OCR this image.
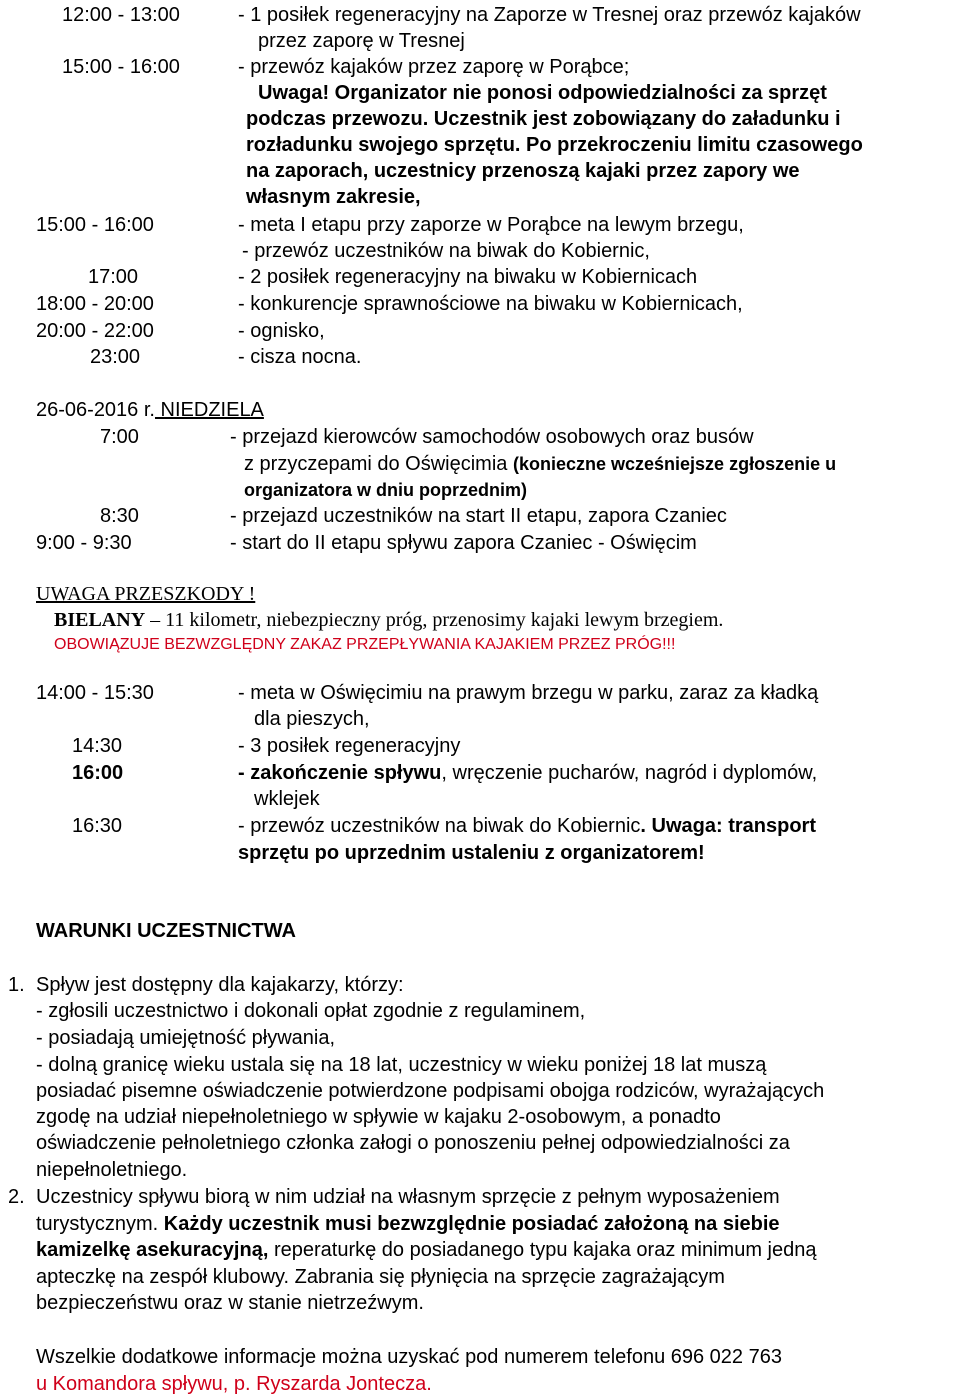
12:00 - 13:00	- 1 posiłek regeneracyjny na Zaporze w Tresnej oraz przewóz kajaków
przez zaporę w Tresnej
15:00 - 16:00	- przewóz kajaków przez zaporę w Porąbce;
Uwaga! Organizator nie ponosi odpowiedzialności za sprzęt
podczas przewozu. Uczestnik jest zobowiązany do załadunku i
rozładunku swojego sprzętu. Po przekroczeniu limitu czasowego
na zaporach, uczestnicy przenoszą kajaki przez zapory we
własnym zakresie,
15:00 - 16:00	- meta I etapu przy zaporze w Porąbce na lewym brzegu,
- przewóz uczestników na biwak do Kobiernic,
17:00	- 2 posiłek regeneracyjny na biwaku w Kobiernicach
18:00 - 20:00	- konkurencje sprawnościowe na biwaku w Kobiernicach,
20:00 - 22:00	- ognisko,
23:00	- cisza nocna.
26-06-2016 r. NIEDZIELA
7:00	- przejazd kierowców samochodów osobowych oraz busów
z przyczepami do Oświęcimia (konieczne wcześniejsze zgłoszenie u
organizatora w dniu poprzednim)
8:30	- przejazd uczestników na start II etapu, zapora Czaniec
9:00 - 9:30	- start do II etapu spływu zapora Czaniec - Oświęcim
UWAGA PRZESZKODY !
BIELANY – 11 kilometr, niebezpieczny próg, przenosimy kajaki lewym brzegiem.
OBOWIĄZUJE BEZWZGLĘDNY ZAKAZ PRZEPŁYWANIA KAJAKIEM PRZEZ PRÓG!!!
14:00 - 15:30	- meta w Oświęcimiu na prawym brzegu w parku, zaraz za kładką
dla pieszych,
14:30	- 3 posiłek regeneracyjny
16:00	- zakończenie spływu, wręczenie pucharów, nagród i dyplomów,
wklejek
16:30	- przewóz uczestników na biwak do Kobiernic. Uwaga: transport
sprzętu po uprzednim ustaleniu z organizatorem!
WARUNKI UCZESTNICTWA
1. Spływ jest dostępny dla kajakarzy, którzy:
- zgłosili uczestnictwo i dokonali opłat zgodnie z regulaminem,
- posiadają umiejętność pływania,
- dolną granicę wieku ustala się na 18 lat, uczestnicy w wieku poniżej 18 lat muszą
posiadać pisemne oświadczenie potwierdzone podpisami obojga rodziców, wyrażających
zgodę na udział niepełnoletniego w spływie w kajaku 2-osobowym, a ponadto
oświadczenie pełnoletniego członka załogi o ponoszeniu pełnej odpowiedzialności za
niepełnoletniego.
2. Uczestnicy spływu biorą w nim udział na własnym sprzęcie z pełnym wyposażeniem
turystycznym. Każdy uczestnik musi bezwzględnie posiadać założoną na siebie
kamizelkę asekuracyjną, reperaturkę do posiadanego typu kajaka oraz minimum jedną
apteczkę na zespół klubowy. Zabrania się płynięcia na sprzęcie zagrażającym
bezpieczeństwu oraz w stanie nietrzeźwym.
Wszelkie dodatkowe informacje można uzyskać pod numerem telefonu 696 022 763
u Komandora spływu, p. Ryszarda Jontecza.
